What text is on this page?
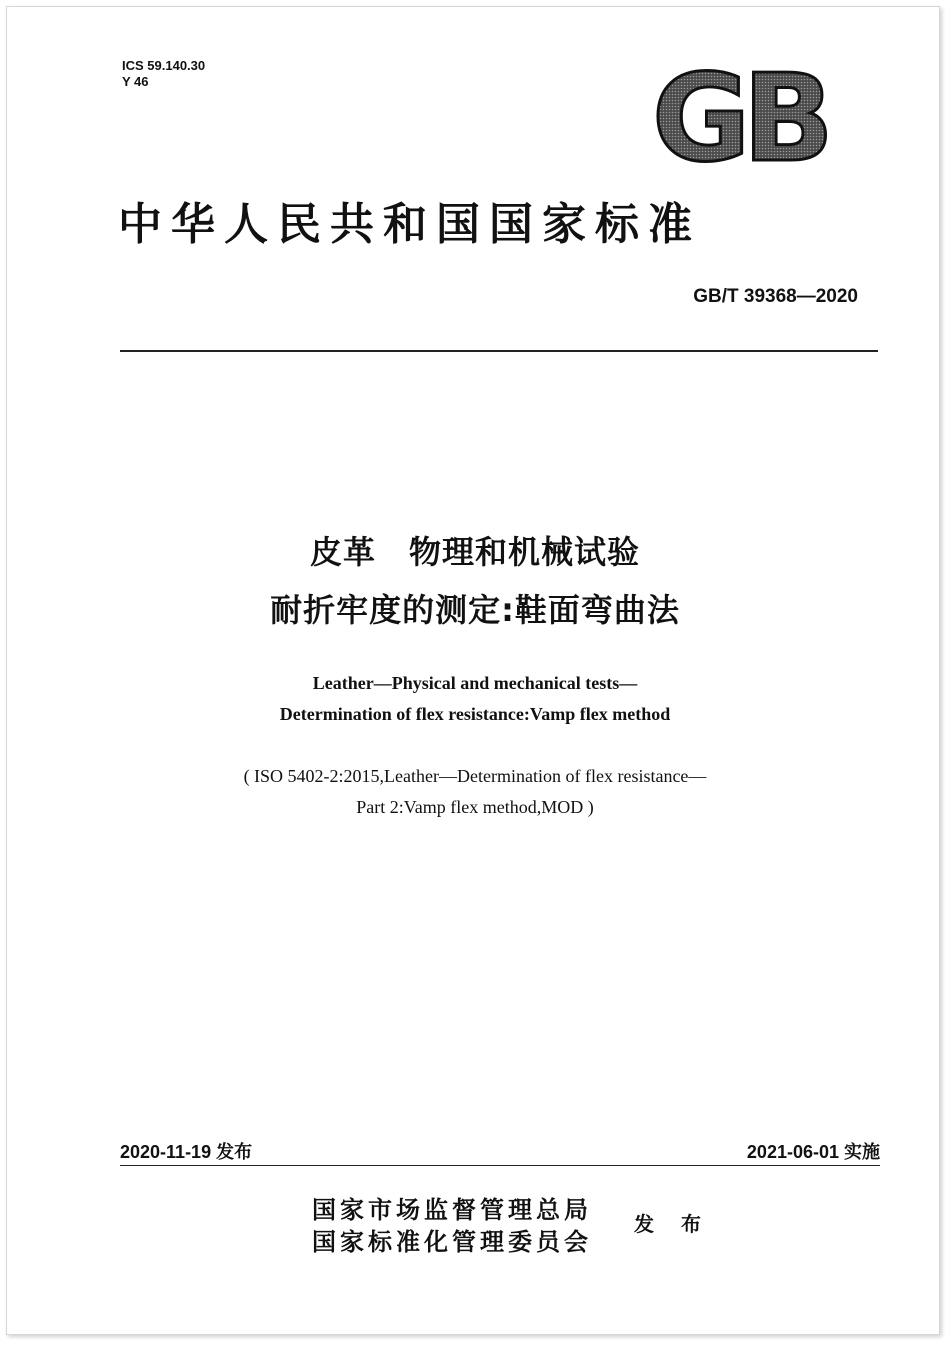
ICS 59.140.30
Y 46	GB
中华人民共和国国家标准
GB/T 39368—2020
皮革　物理和机械试验
耐折牢度的测定:鞋面弯曲法
Leather—Physical and mechanical tests—
Determination of flex resistance:Vamp flex method
( ISO 5402-2:2015,Leather—Determination of flex resistance—
Part 2:Vamp flex method,MOD )
2020-11-19 发布	2021-06-01 实施
国家市场监督管理总局
国家标准化管理委员会
发 布
